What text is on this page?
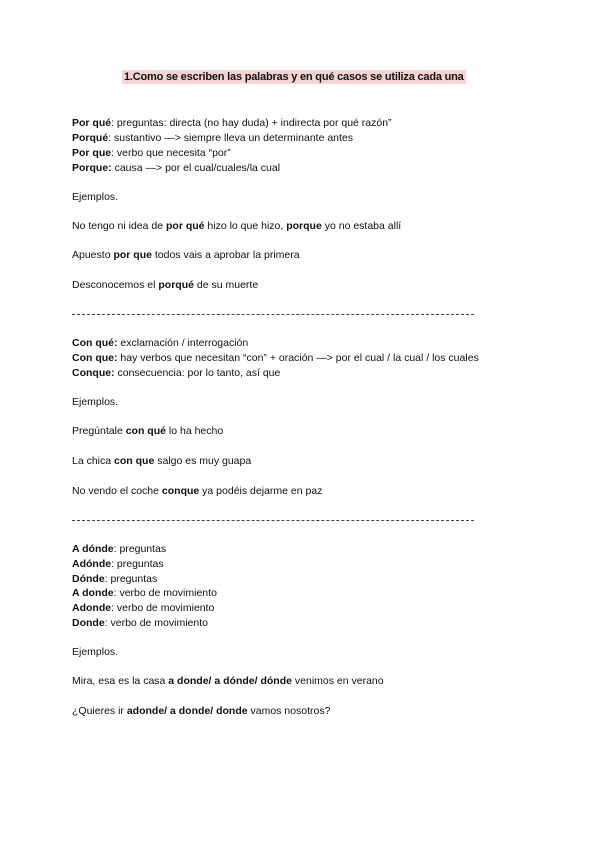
1.Como se escriben las palabras y en qué casos se utiliza cada una
Por qué: preguntas: directa (no hay duda) + indirecta por qué razón”
Porqué: sustantivo —> siempre lleva un determinante antes
Por que: verbo que necesita “por”
Porque: causa —> por el cual/cuales/la cual
Ejemplos.
No tengo ni idea de por qué hizo lo que hizo, porque yo no estaba allí
Apuesto por que todos vais a aprobar la primera
Desconocemos el porqué de su muerte
Con qué: exclamación / interrogación
Con que: hay verbos que necesitan “con” + oración —> por el cual / la cual / los cuales
Conque: consecuencia: por lo tanto, así que
Ejemplos.
Pregúntale con qué lo ha hecho
La chica con que salgo es muy guapa
No vendo el coche conque ya podéis dejarme en paz
A dónde: preguntas
Adónde: preguntas
Dónde: preguntas
A donde: verbo de movimiento
Adonde: verbo de movimiento
Donde: verbo de movimiento
Ejemplos.
Mira, esa es la casa a donde/ a dónde/ dónde venimos en verano
¿Quieres ir adonde/ a donde/ donde vamos nosotros?
